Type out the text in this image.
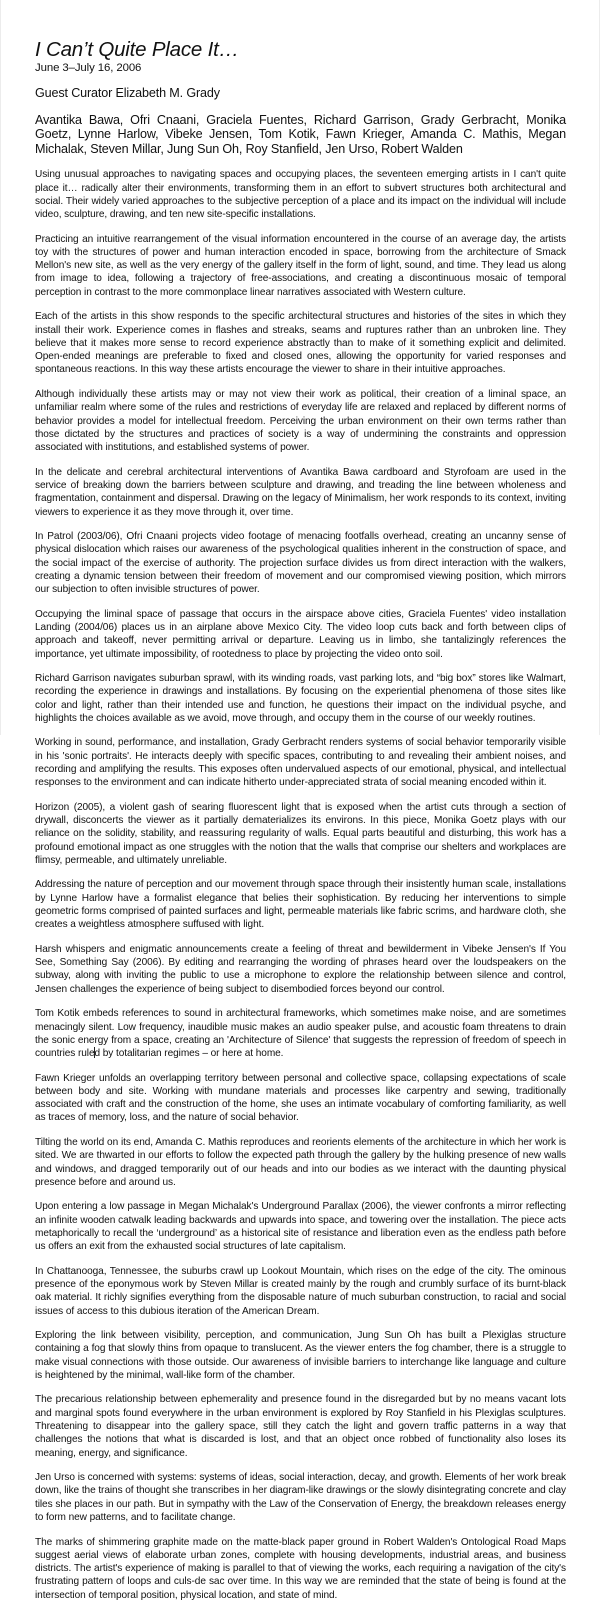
I Can’t Quite Place It…

June 3–July 16, 2006

Guest Curator Elizabeth M. Grady

Avantika Bawa, Ofri Cnaani, Graciela Fuentes, Richard Garrison, Grady Gerbracht, Monika Goetz, Lynne Harlow, Vibeke Jensen, Tom Kotik, Fawn Krieger, Amanda C. Mathis, Megan Michalak, Steven Millar, Jung Sun Oh, Roy Stanfield, Jen Urso, Robert Walden

Using unusual approaches to navigating spaces and occupying places, the seventeen emerging artists in I can't quite place it… radically alter their environments, transforming them in an effort to subvert structures both architectural and social. Their widely varied approaches to the subjective perception of a place and its impact on the individual will include video, sculpture, drawing, and ten new site-specific installations.

Practicing an intuitive rearrangement of the visual information encountered in the course of an average day, the artists toy with the structures of power and human interaction encoded in space, borrowing from the architecture of Smack Mellon's new site, as well as the very energy of the gallery itself in the form of light, sound, and time. They lead us along from image to idea, following a trajectory of free-associations, and creating a discontinuous mosaic of temporal perception in contrast to the more commonplace linear narratives associated with Western culture.

Each of the artists in this show responds to the specific architectural structures and histories of the sites in which they install their work. Experience comes in flashes and streaks, seams and ruptures rather than an unbroken line. They believe that it makes more sense to record experience abstractly than to make of it something explicit and delimited. Open-ended meanings are preferable to fixed and closed ones, allowing the opportunity for varied responses and spontaneous reactions. In this way these artists encourage the viewer to share in their intuitive approaches.

Although individually these artists may or may not view their work as political, their creation of a liminal space, an unfamiliar realm where some of the rules and restrictions of everyday life are relaxed and replaced by different norms of behavior provides a model for intellectual freedom. Perceiving the urban environment on their own terms rather than those dictated by the structures and practices of society is a way of undermining the constraints and oppression associated with institutions, and established systems of power.

In the delicate and cerebral architectural interventions of Avantika Bawa cardboard and Styrofoam are used in the service of breaking down the barriers between sculpture and drawing, and treading the line between wholeness and fragmentation, containment and dispersal. Drawing on the legacy of Minimalism, her work responds to its context, inviting viewers to experience it as they move through it, over time.

In Patrol (2003/06), Ofri Cnaani projects video footage of menacing footfalls overhead, creating an uncanny sense of physical dislocation which raises our awareness of the psychological qualities inherent in the construction of space, and the social impact of the exercise of authority. The projection surface divides us from direct interaction with the walkers, creating a dynamic tension between their freedom of movement and our compromised viewing position, which mirrors our subjection to often invisible structures of power.

Occupying the liminal space of passage that occurs in the airspace above cities, Graciela Fuentes' video installation Landing (2004/06) places us in an airplane above Mexico City. The video loop cuts back and forth between clips of approach and takeoff, never permitting arrival or departure. Leaving us in limbo, she tantalizingly references the importance, yet ultimate impossibility, of rootedness to place by projecting the video onto soil.

Richard Garrison navigates suburban sprawl, with its winding roads, vast parking lots, and “big box” stores like Walmart, recording the experience in drawings and installations. By focusing on the experiential phenomena of those sites like color and light, rather than their intended use and function, he questions their impact on the individual psyche, and highlights the choices available as we avoid, move through, and occupy them in the course of our weekly routines.

Working in sound, performance, and installation, Grady Gerbracht renders systems of social behavior temporarily visible in his 'sonic portraits'. He interacts deeply with specific spaces, contributing to and revealing their ambient noises, and recording and amplifying the results. This exposes often undervalued aspects of our emotional, physical, and intellectual responses to the environment and can indicate hitherto under-appreciated strata of social meaning encoded within it.

Horizon (2005), a violent gash of searing fluorescent light that is exposed when the artist cuts through a section of drywall, disconcerts the viewer as it partially dematerializes its environs. In this piece, Monika Goetz plays with our reliance on the solidity, stability, and reassuring regularity of walls. Equal parts beautiful and disturbing, this work has a profound emotional impact as one struggles with the notion that the walls that comprise our shelters and workplaces are flimsy, permeable, and ultimately unreliable.

Addressing the nature of perception and our movement through space through their insistently human scale, installations by Lynne Harlow have a formalist elegance that belies their sophistication. By reducing her interventions to simple geometric forms comprised of painted surfaces and light, permeable materials like fabric scrims, and hardware cloth, she creates a weightless atmosphere suffused with light.

Harsh whispers and enigmatic announcements create a feeling of threat and bewilderment in Vibeke Jensen's If You See, Something Say (2006). By editing and rearranging the wording of phrases heard over the loudspeakers on the subway, along with inviting the public to use a microphone to explore the relationship between silence and control, Jensen challenges the experience of being subject to disembodied forces beyond our control.

Tom Kotik embeds references to sound in architectural frameworks, which sometimes make noise, and are sometimes menacingly silent. Low frequency, inaudible music makes an audio speaker pulse, and acoustic foam threatens to drain the sonic energy from a space, creating an 'Architecture of Silence' that suggests the repression of freedom of speech in countries ruled by totalitarian regimes – or here at home.

Fawn Krieger unfolds an overlapping territory between personal and collective space, collapsing expectations of scale between body and site. Working with mundane materials and processes like carpentry and sewing, traditionally associated with craft and the construction of the home, she uses an intimate vocabulary of comforting familiarity, as well as traces of memory, loss, and the nature of social behavior.

Tilting the world on its end, Amanda C. Mathis reproduces and reorients elements of the architecture in which her work is sited. We are thwarted in our efforts to follow the expected path through the gallery by the hulking presence of new walls and windows, and dragged temporarily out of our heads and into our bodies as we interact with the daunting physical presence before and around us.

Upon entering a low passage in Megan Michalak's Underground Parallax (2006), the viewer confronts a mirror reflecting an infinite wooden catwalk leading backwards and upwards into space, and towering over the installation. The piece acts metaphorically to recall the ‘underground’ as a historical site of resistance and liberation even as the endless path before us offers an exit from the exhausted social structures of late capitalism.

In Chattanooga, Tennessee, the suburbs crawl up Lookout Mountain, which rises on the edge of the city. The ominous presence of the eponymous work by Steven Millar is created mainly by the rough and crumbly surface of its burnt-black oak material. It richly signifies everything from the disposable nature of much suburban construction, to racial and social issues of access to this dubious iteration of the American Dream.

Exploring the link between visibility, perception, and communication, Jung Sun Oh has built a Plexiglas structure containing a fog that slowly thins from opaque to translucent. As the viewer enters the fog chamber, there is a struggle to make visual connections with those outside. Our awareness of invisible barriers to interchange like language and culture is heightened by the minimal, wall-like form of the chamber.

The precarious relationship between ephemerality and presence found in the disregarded but by no means vacant lots and marginal spots found everywhere in the urban environment is explored by Roy Stanfield in his Plexiglas sculptures. Threatening to disappear into the gallery space, still they catch the light and govern traffic patterns in a way that challenges the notions that what is discarded is lost, and that an object once robbed of functionality also loses its meaning, energy, and significance.

Jen Urso is concerned with systems: systems of ideas, social interaction, decay, and growth. Elements of her work break down, like the trains of thought she transcribes in her diagram-like drawings or the slowly disintegrating concrete and clay tiles she places in our path. But in sympathy with the Law of the Conservation of Energy, the breakdown releases energy to form new patterns, and to facilitate change.

The marks of shimmering graphite made on the matte-black paper ground in Robert Walden's Ontological Road Maps suggest aerial views of elaborate urban zones, complete with housing developments, industrial areas, and business districts. The artist's experience of making is parallel to that of viewing the works, each requiring a navigation of the city's frustrating pattern of loops and culs-de sac over time. In this way we are reminded that the state of being is found at the intersection of temporal position, physical location, and state of mind.
